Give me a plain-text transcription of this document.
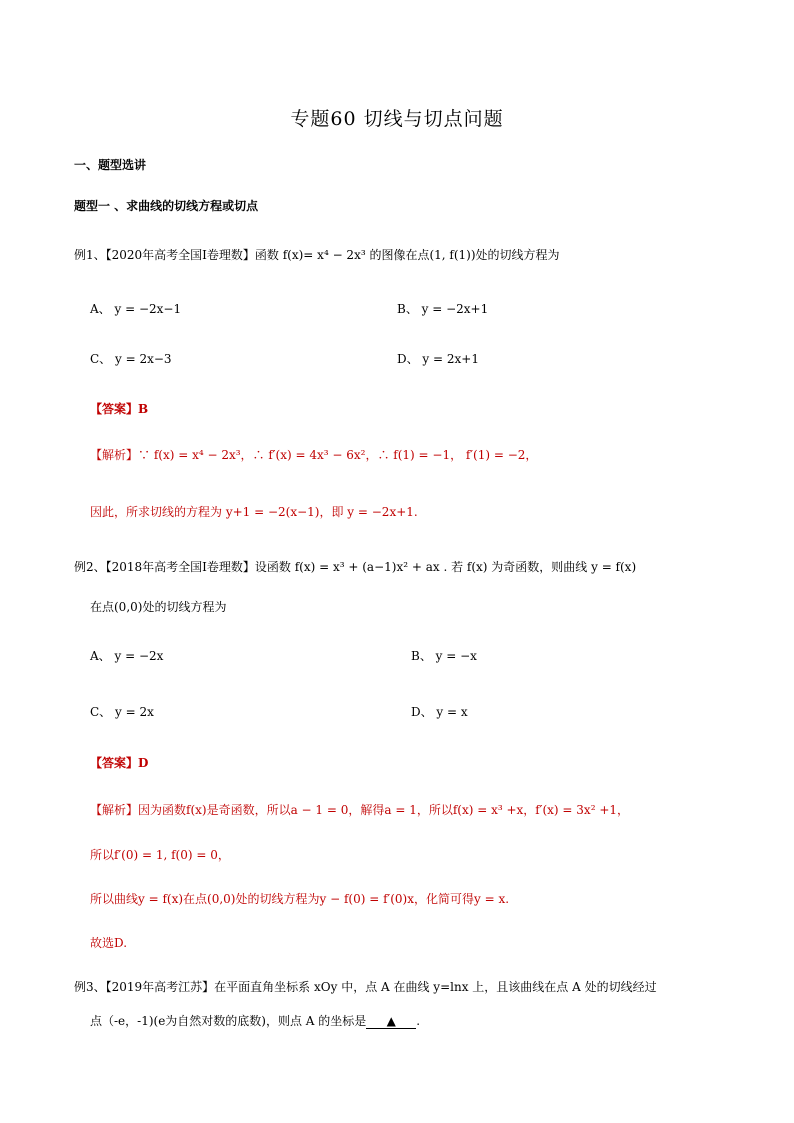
专题60 切线与切点问题
一、题型选讲
题型一 、求曲线的切线方程或切点
例1、【2020年高考全国Ⅰ卷理数】函数 f(x)= x⁴ − 2x³ 的图像在点(1, f(1))处的切线方程为
A、 y = −2x−1	B、 y = −2x+1
C、 y = 2x−3	D、 y = 2x+1
【答案】B
【解析】∵ f(x) = x⁴ − 2x³，∴ f′(x) = 4x³ − 6x²，∴ f(1) = −1， f′(1) = −2，
因此，所求切线的方程为 y+1 = −2(x−1)，即 y = −2x+1.
例2、【2018年高考全国Ⅰ卷理数】设函数 f(x) = x³ + (a−1)x² + ax . 若 f(x) 为奇函数，则曲线 y = f(x)
在点(0,0)处的切线方程为
A、 y = −2x	B、 y = −x
C、 y = 2x	D、 y = x
【答案】D
【解析】因为函数f(x)是奇函数，所以a − 1 = 0，解得a = 1，所以f(x) = x³ +x，f′(x) = 3x² +1，
所以f′(0) = 1, f(0) = 0，
所以曲线y = f(x)在点(0,0)处的切线方程为y − f(0) = f′(0)x，化简可得y = x.
故选D.
例3、【2019年高考江苏】在平面直角坐标系 xOy 中，点 A 在曲线 y=lnx 上，且该曲线在点 A 处的切线经过
点（-e，-1)(e为自然对数的底数)，则点 A 的坐标是 ▲ .
